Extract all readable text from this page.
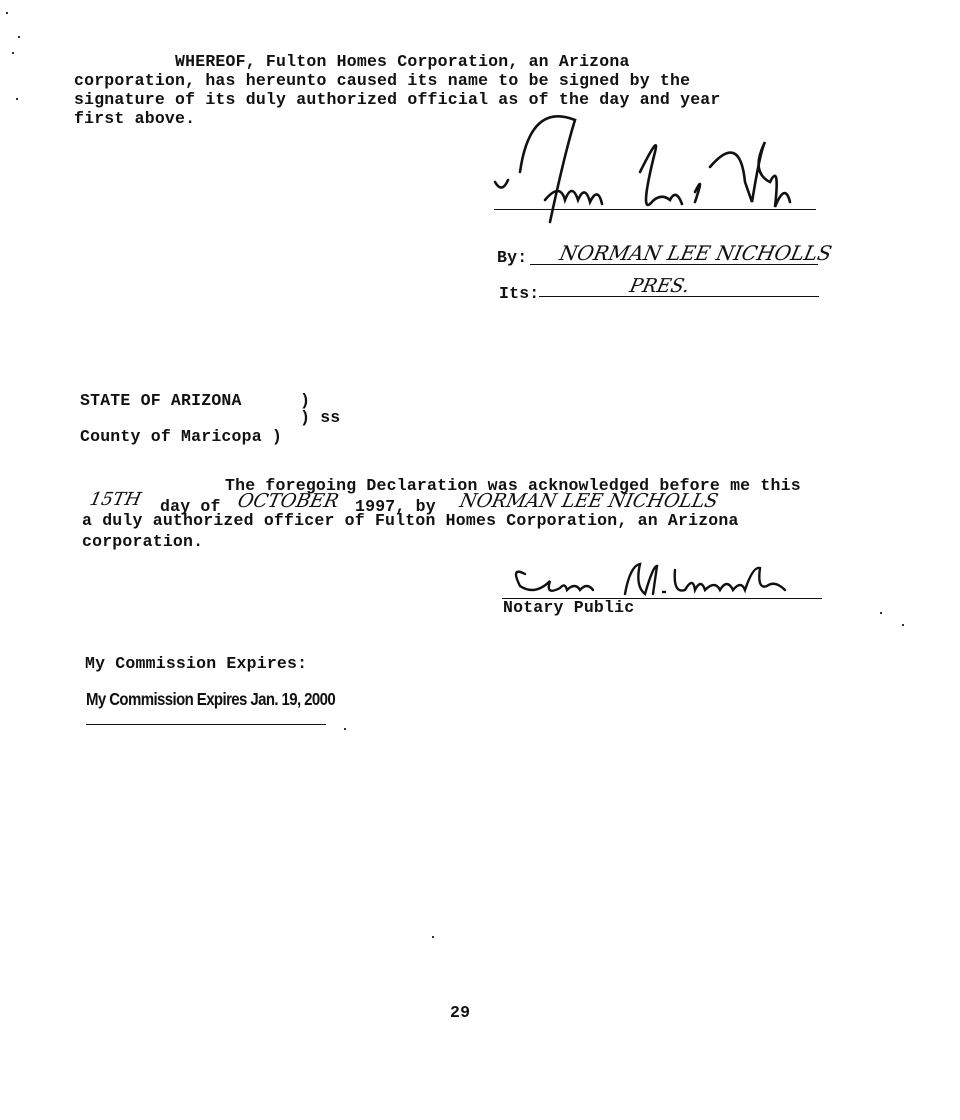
WHEREOF, Fulton Homes Corporation, an Arizona
corporation, has hereunto caused its name to be signed by the
signature of its duly authorized official as of the day and year
first above.
By: NORMAN LEE NICHOLLS
Its:	PRES.
STATE OF ARIZONA	)
) ss
County of Maricopa )
The foregoing Declaration was acknowledged before me this
15TH day of OCTOBER 1997, by NORMAN LEE NICHOLLS
a duly authorized officer of Fulton Homes Corporation, an Arizona
corporation.
Notary Public
My Commission Expires:
My Commission Expires Jan. 19, 2000
29
